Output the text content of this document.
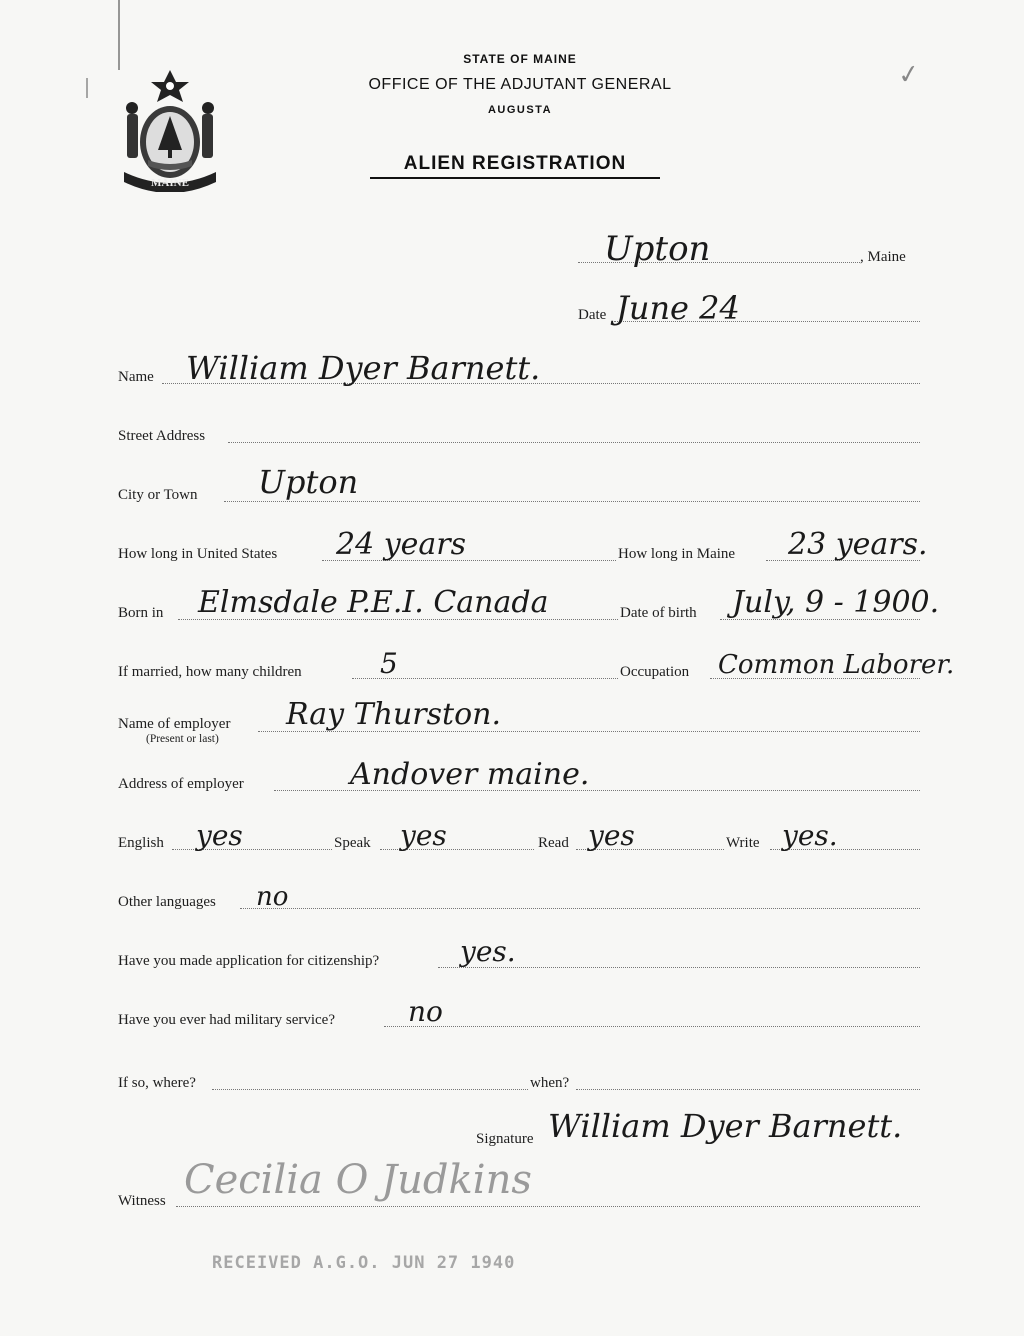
MAINE
STATE OF MAINE
OFFICE OF THE ADJUTANT GENERAL
AUGUSTA
ALIEN REGISTRATION
✓
Upton	, Maine
Date June 24
Name William Dyer Barnett.
Street Address
City or Town Upton
How long in United States 24 years	How long in Maine 23 years.
Born in Elmsdale P.E.I. Canada	Date of birth July, 9 - 1900.
If married, how many children	5	Occupation Common Laborer.
Name of employer
(Present or last)
Ray Thurston.
Address of employer	Andover maine.
English yes	Speak yes	Read yes	Write yes.
Other languages no
Have you made application for citizenship?	yes.
Have you ever had military service?	no
If so, where?	when?
Signature William Dyer Barnett.
Witness Cecilia O Judkins
RECEIVED A.G.O. JUN 27 1940
